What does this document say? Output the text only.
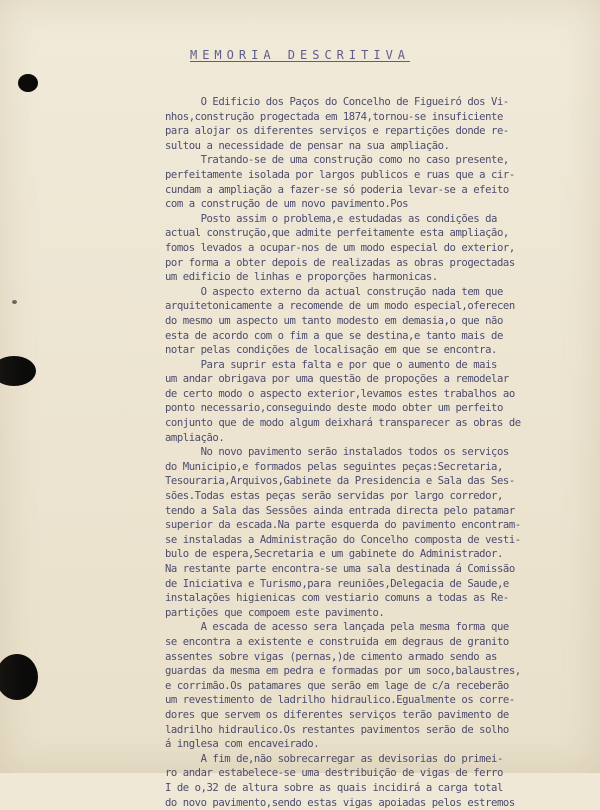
MEMORIA DESCRITIVA
O Edificio dos Paços do Concelho de Figueiró dos Vi-
nhos,construção progectada em 1874,tornou-se insuficiente
para alojar os diferentes serviços e repartições donde re-
sultou a necessidade de pensar na sua ampliação.
Tratando-se de uma construção como no caso presente,
perfeitamente isolada por largos publicos e ruas que a cir-
cundam a ampliação a fazer-se só poderia levar-se a efeito
com a construção de um novo pavimento.Pos
Posto assim o problema,e estudadas as condições da
actual construção,que admite perfeitamente esta ampliação,
fomos levados a ocupar-nos de um modo especial do exterior,
por forma a obter depois de realizadas as obras progectadas
um edificio de linhas e proporções harmonicas.
O aspecto externo da actual construção nada tem que
arquitetonicamente a recomende de um modo especial,oferecen
do mesmo um aspecto um tanto modesto em demasia,o que não
esta de acordo com o fim a que se destina,e tanto mais de
notar pelas condições de localisação em que se encontra.
Para suprir esta falta e por que o aumento de mais
um andar obrigava por uma questão de propoções a remodelar
de certo modo o aspecto exterior,levamos estes trabalhos ao
ponto necessario,conseguindo deste modo obter um perfeito
conjunto que de modo algum deixhará transparecer as obras de
ampliação.
No novo pavimento serão instalados todos os serviços
do Municipio,e formados pelas seguintes peças:Secretaria,
Tesouraria,Arquivos,Gabinete da Presidencia e Sala das Ses-
sões.Todas estas peças serão servidas por largo corredor,
tendo a Sala das Sessões ainda entrada directa pelo patamar
superior da escada.Na parte esquerda do pavimento encontram-
se instaladas a Administração do Concelho composta de vesti-
bulo de espera,Secretaria e um gabinete do Administrador.
Na restante parte encontra-se uma sala destinada á Comissão
de Iniciativa e Turismo,para reuniões,Delegacia de Saude,e
instalações higienicas com vestiario comuns a todas as Re-
partições que compoem este pavimento.
A escada de acesso sera lançada pela mesma forma que
se encontra a existente e construida em degraus de granito
assentes sobre vigas (pernas,)de cimento armado sendo as
guardas da mesma em pedra e formadas por um soco,balaustres,
e corrimão.Os patamares que serão em lage de c/a receberão
um revestimento de ladrilho hidraulico.Egualmente os corre-
dores que servem os diferentes serviços terão pavimento de
ladrilho hidraulico.Os restantes pavimentos serão de solho
á inglesa com encaveirado.
A fim de,não sobrecarregar as devisorias do primei-
ro andar estabelece-se uma destribuição de vigas de ferro
I de o,32 de altura sobre as quais incidirá a carga total
do novo pavimento,sendo estas vigas apoiadas pelos estremos
